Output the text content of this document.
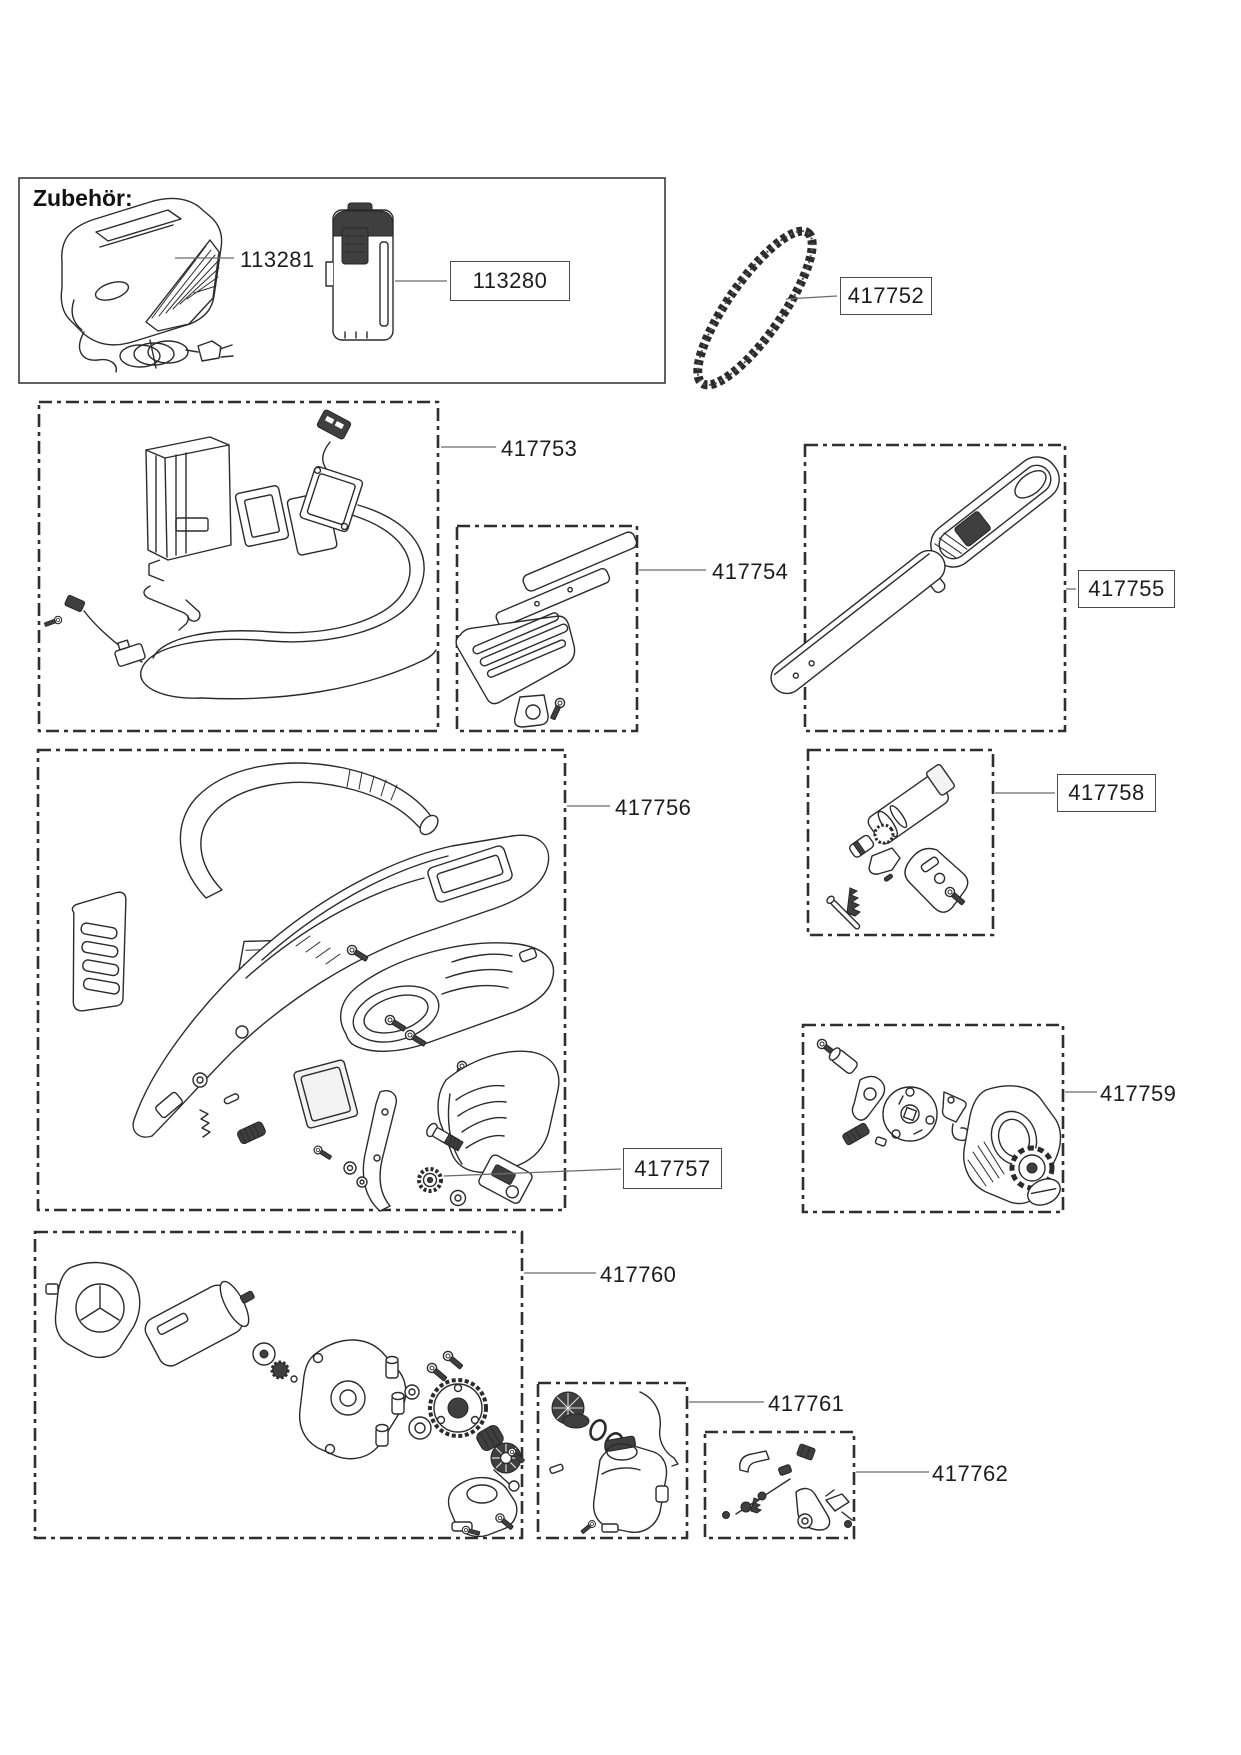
Zubehör:
113281
113280
417752
417753
417754
417755
417756
417757
417758
417759
417760
417761
417762
